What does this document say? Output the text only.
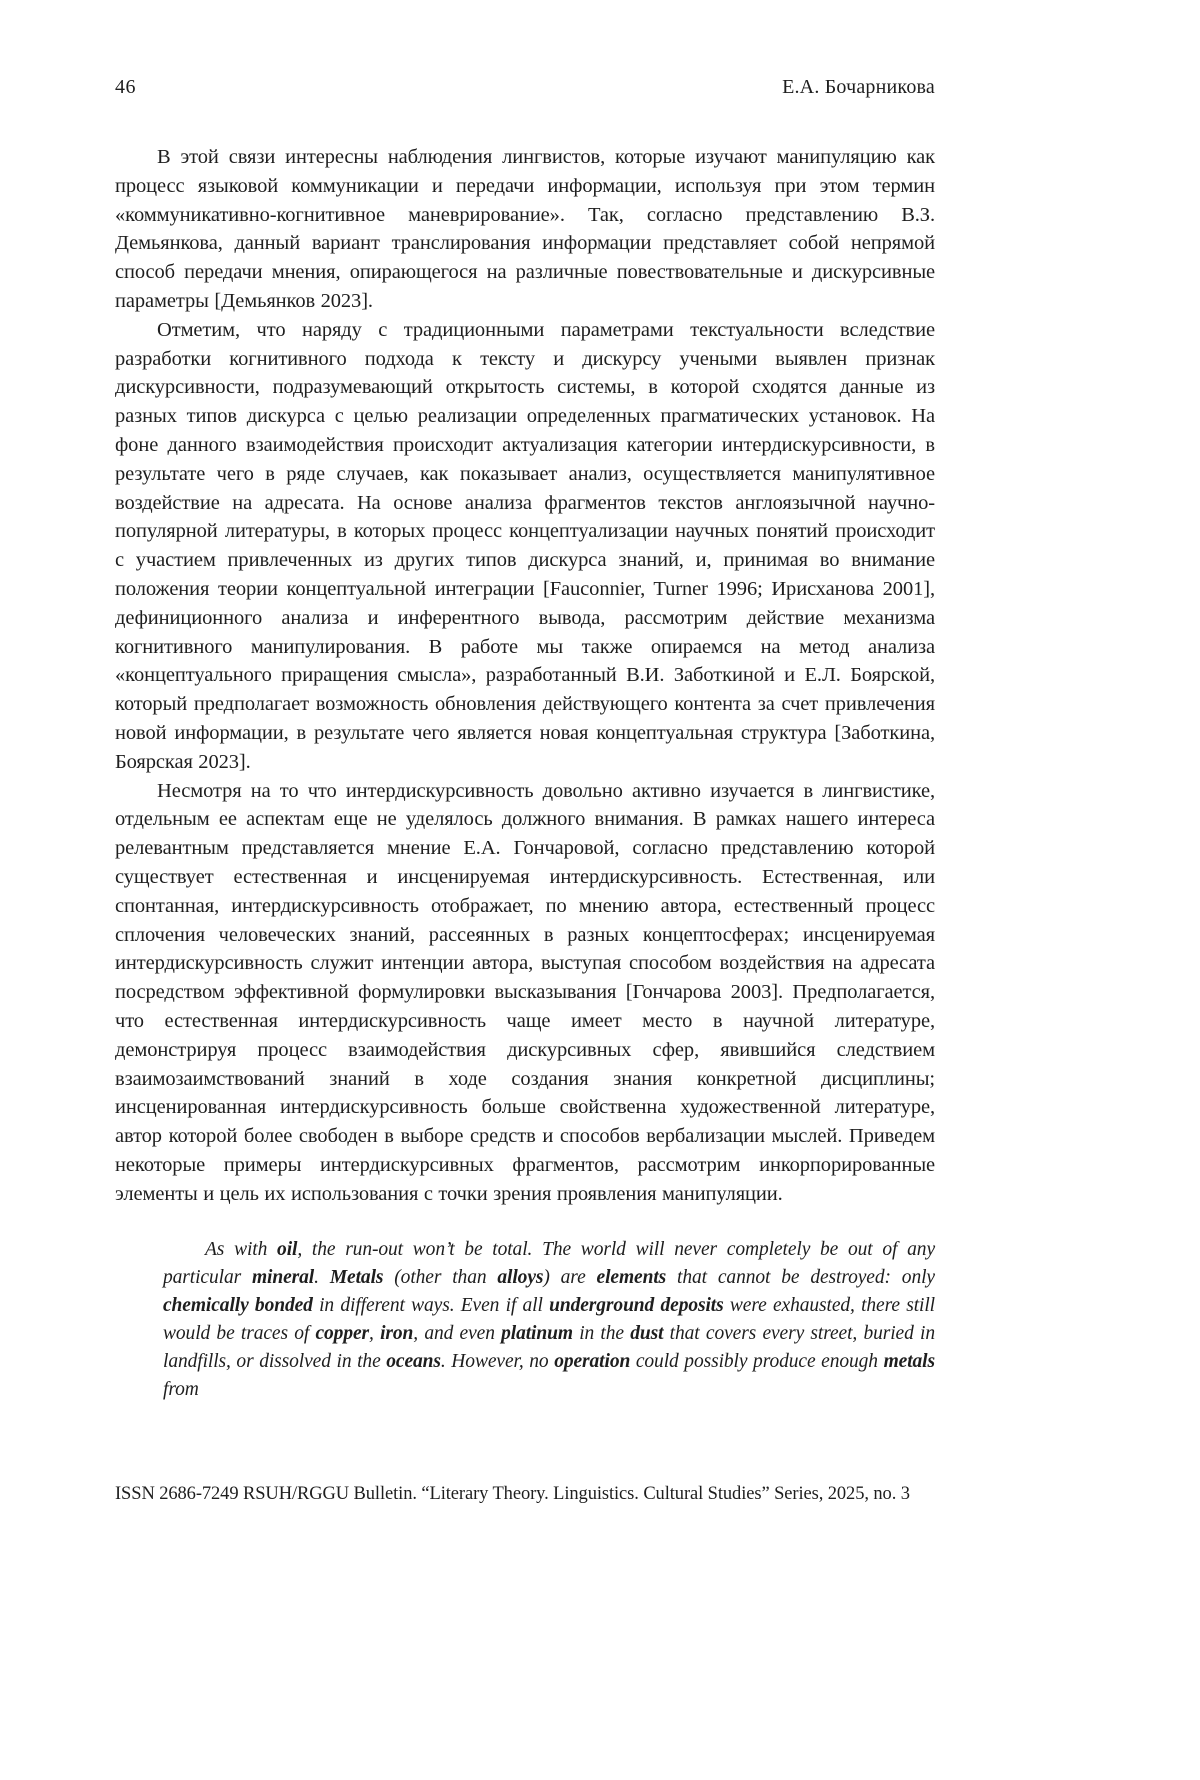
46	Е.А. Бочарникова

В этой связи интересны наблюдения лингвистов, которые изучают манипуляцию как процесс языковой коммуникации и передачи информации, используя при этом термин «коммуникативно-когнитивное маневрирование». Так, согласно представлению В.З. Демьянкова, данный вариант транслирования информации представляет собой непрямой способ передачи мнения, опирающегося на различные повествовательные и дискурсивные параметры [Демьянков 2023].

Отметим, что наряду с традиционными параметрами текстуальности вследствие разработки когнитивного подхода к тексту и дискурсу учеными выявлен признак дискурсивности, подразумевающий открытость системы, в которой сходятся данные из разных типов дискурса с целью реализации определенных прагматических установок. На фоне данного взаимодействия происходит актуализация категории интердискурсивности, в результате чего в ряде случаев, как показывает анализ, осуществляется манипулятивное воздействие на адресата. На основе анализа фрагментов текстов англоязычной научно-популярной литературы, в которых процесс концептуализации научных понятий происходит с участием привлеченных из других типов дискурса знаний, и, принимая во внимание положения теории концептуальной интеграции [Fauconnier, Turner 1996; Ирисханова 2001], дефиниционного анализа и инферентного вывода, рассмотрим действие механизма когнитивного манипулирования. В работе мы также опираемся на метод анализа «концептуального приращения смысла», разработанный В.И. Заботкиной и Е.Л. Боярской, который предполагает возможность обновления действующего контента за счет привлечения новой информации, в результате чего является новая концептуальная структура [Заботкина, Боярская 2023].

Несмотря на то что интердискурсивность довольно активно изучается в лингвистике, отдельным ее аспектам еще не уделялось должного внимания. В рамках нашего интереса релевантным представляется мнение Е.А. Гончаровой, согласно представлению которой существует естественная и инсценируемая интердискурсивность. Естественная, или спонтанная, интердискурсивность отображает, по мнению автора, естественный процесс сплочения человеческих знаний, рассеянных в разных концептосферах; инсценируемая интердискурсивность служит интенции автора, выступая способом воздействия на адресата посредством эффективной формулировки высказывания [Гончарова 2003]. Предполагается, что естественная интердискурсивность чаще имеет место в научной литературе, демонстрируя процесс взаимодействия дискурсивных сфер, явившийся следствием взаимозаимствований знаний в ходе создания знания конкретной дисциплины; инсценированная интердискурсивность больше свойственна художественной литературе, автор которой более свободен в выборе средств и способов вербализации мыслей. Приведем некоторые примеры интердискурсивных фрагментов, рассмотрим инкорпорированные элементы и цель их использования с точки зрения проявления манипуляции.

As with oil, the run-out won’t be total. The world will never completely be out of any particular mineral. Metals (other than alloys) are elements that cannot be destroyed: only chemically bonded in different ways. Even if all underground deposits were exhausted, there still would be traces of copper, iron, and even platinum in the dust that covers every street, buried in landfills, or dissolved in the oceans. However, no operation could possibly produce enough metals from
ISSN 2686-7249 RSUH/RGGU Bulletin. “Literary Theory. Linguistics. Cultural Studies” Series, 2025, no. 3
